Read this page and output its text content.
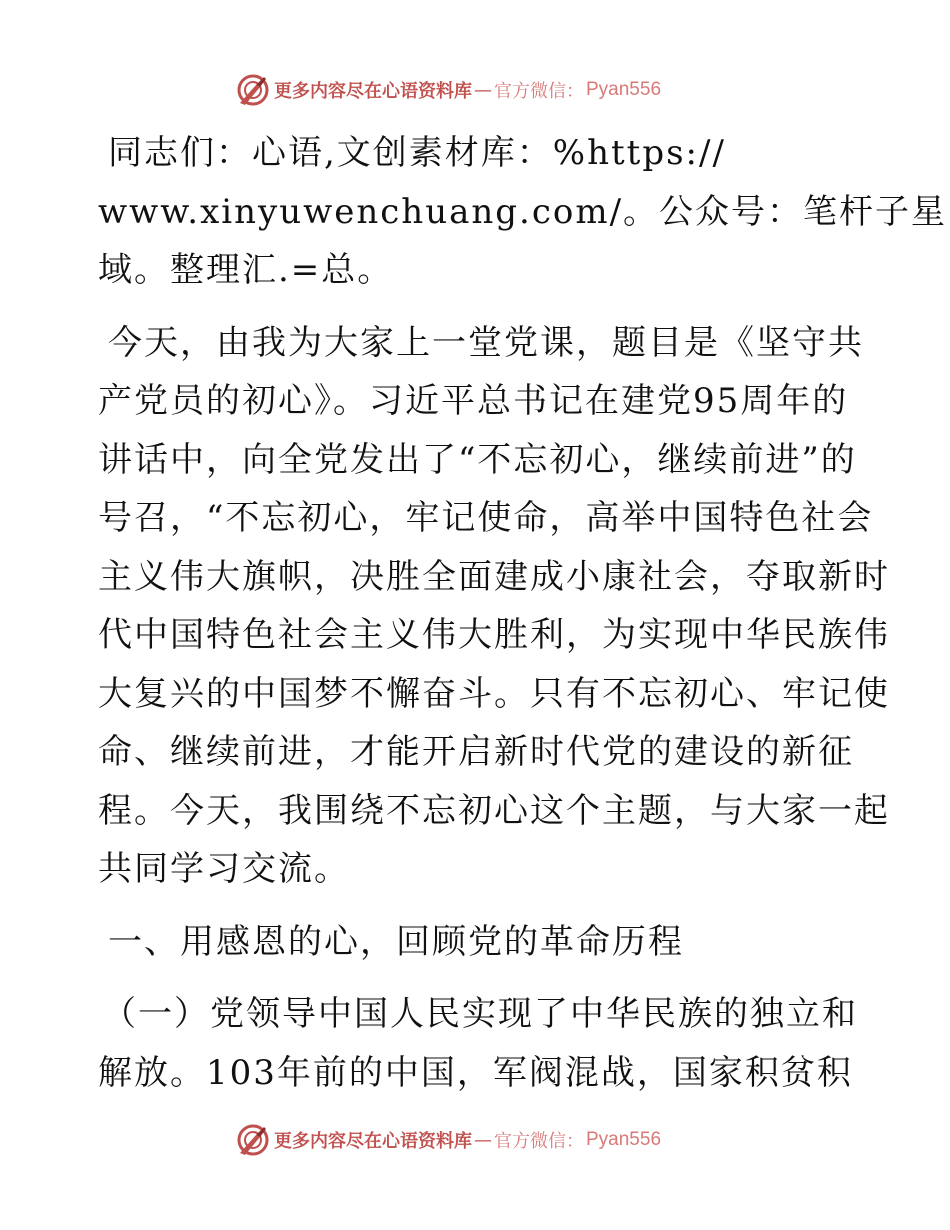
更多内容尽在心语资料库 — 官方微信： Pyan556
同志们：心语,文创素材库：%https://
www.xinyuwenchuang.com/。公众号：笔杆子星
域。整理汇.=总。
今天，由我为大家上一堂党课，题目是《坚守共
产党员的初心》。习近平总书记在建党95周年的
讲话中，向全党发出了“不忘初心，继续前进”的
号召，“不忘初心，牢记使命，高举中国特色社会
主义伟大旗帜，决胜全面建成小康社会，夺取新时
代中国特色社会主义伟大胜利，为实现中华民族伟
大复兴的中国梦不懈奋斗。只有不忘初心、牢记使
命、继续前进，才能开启新时代党的建设的新征
程。今天，我围绕不忘初心这个主题，与大家一起
共同学习交流。
一、用感恩的心，回顾党的革命历程
（一）党领导中国人民实现了中华民族的独立和
解放。103年前的中国，军阀混战，国家积贫积
更多内容尽在心语资料库 — 官方微信： Pyan556
